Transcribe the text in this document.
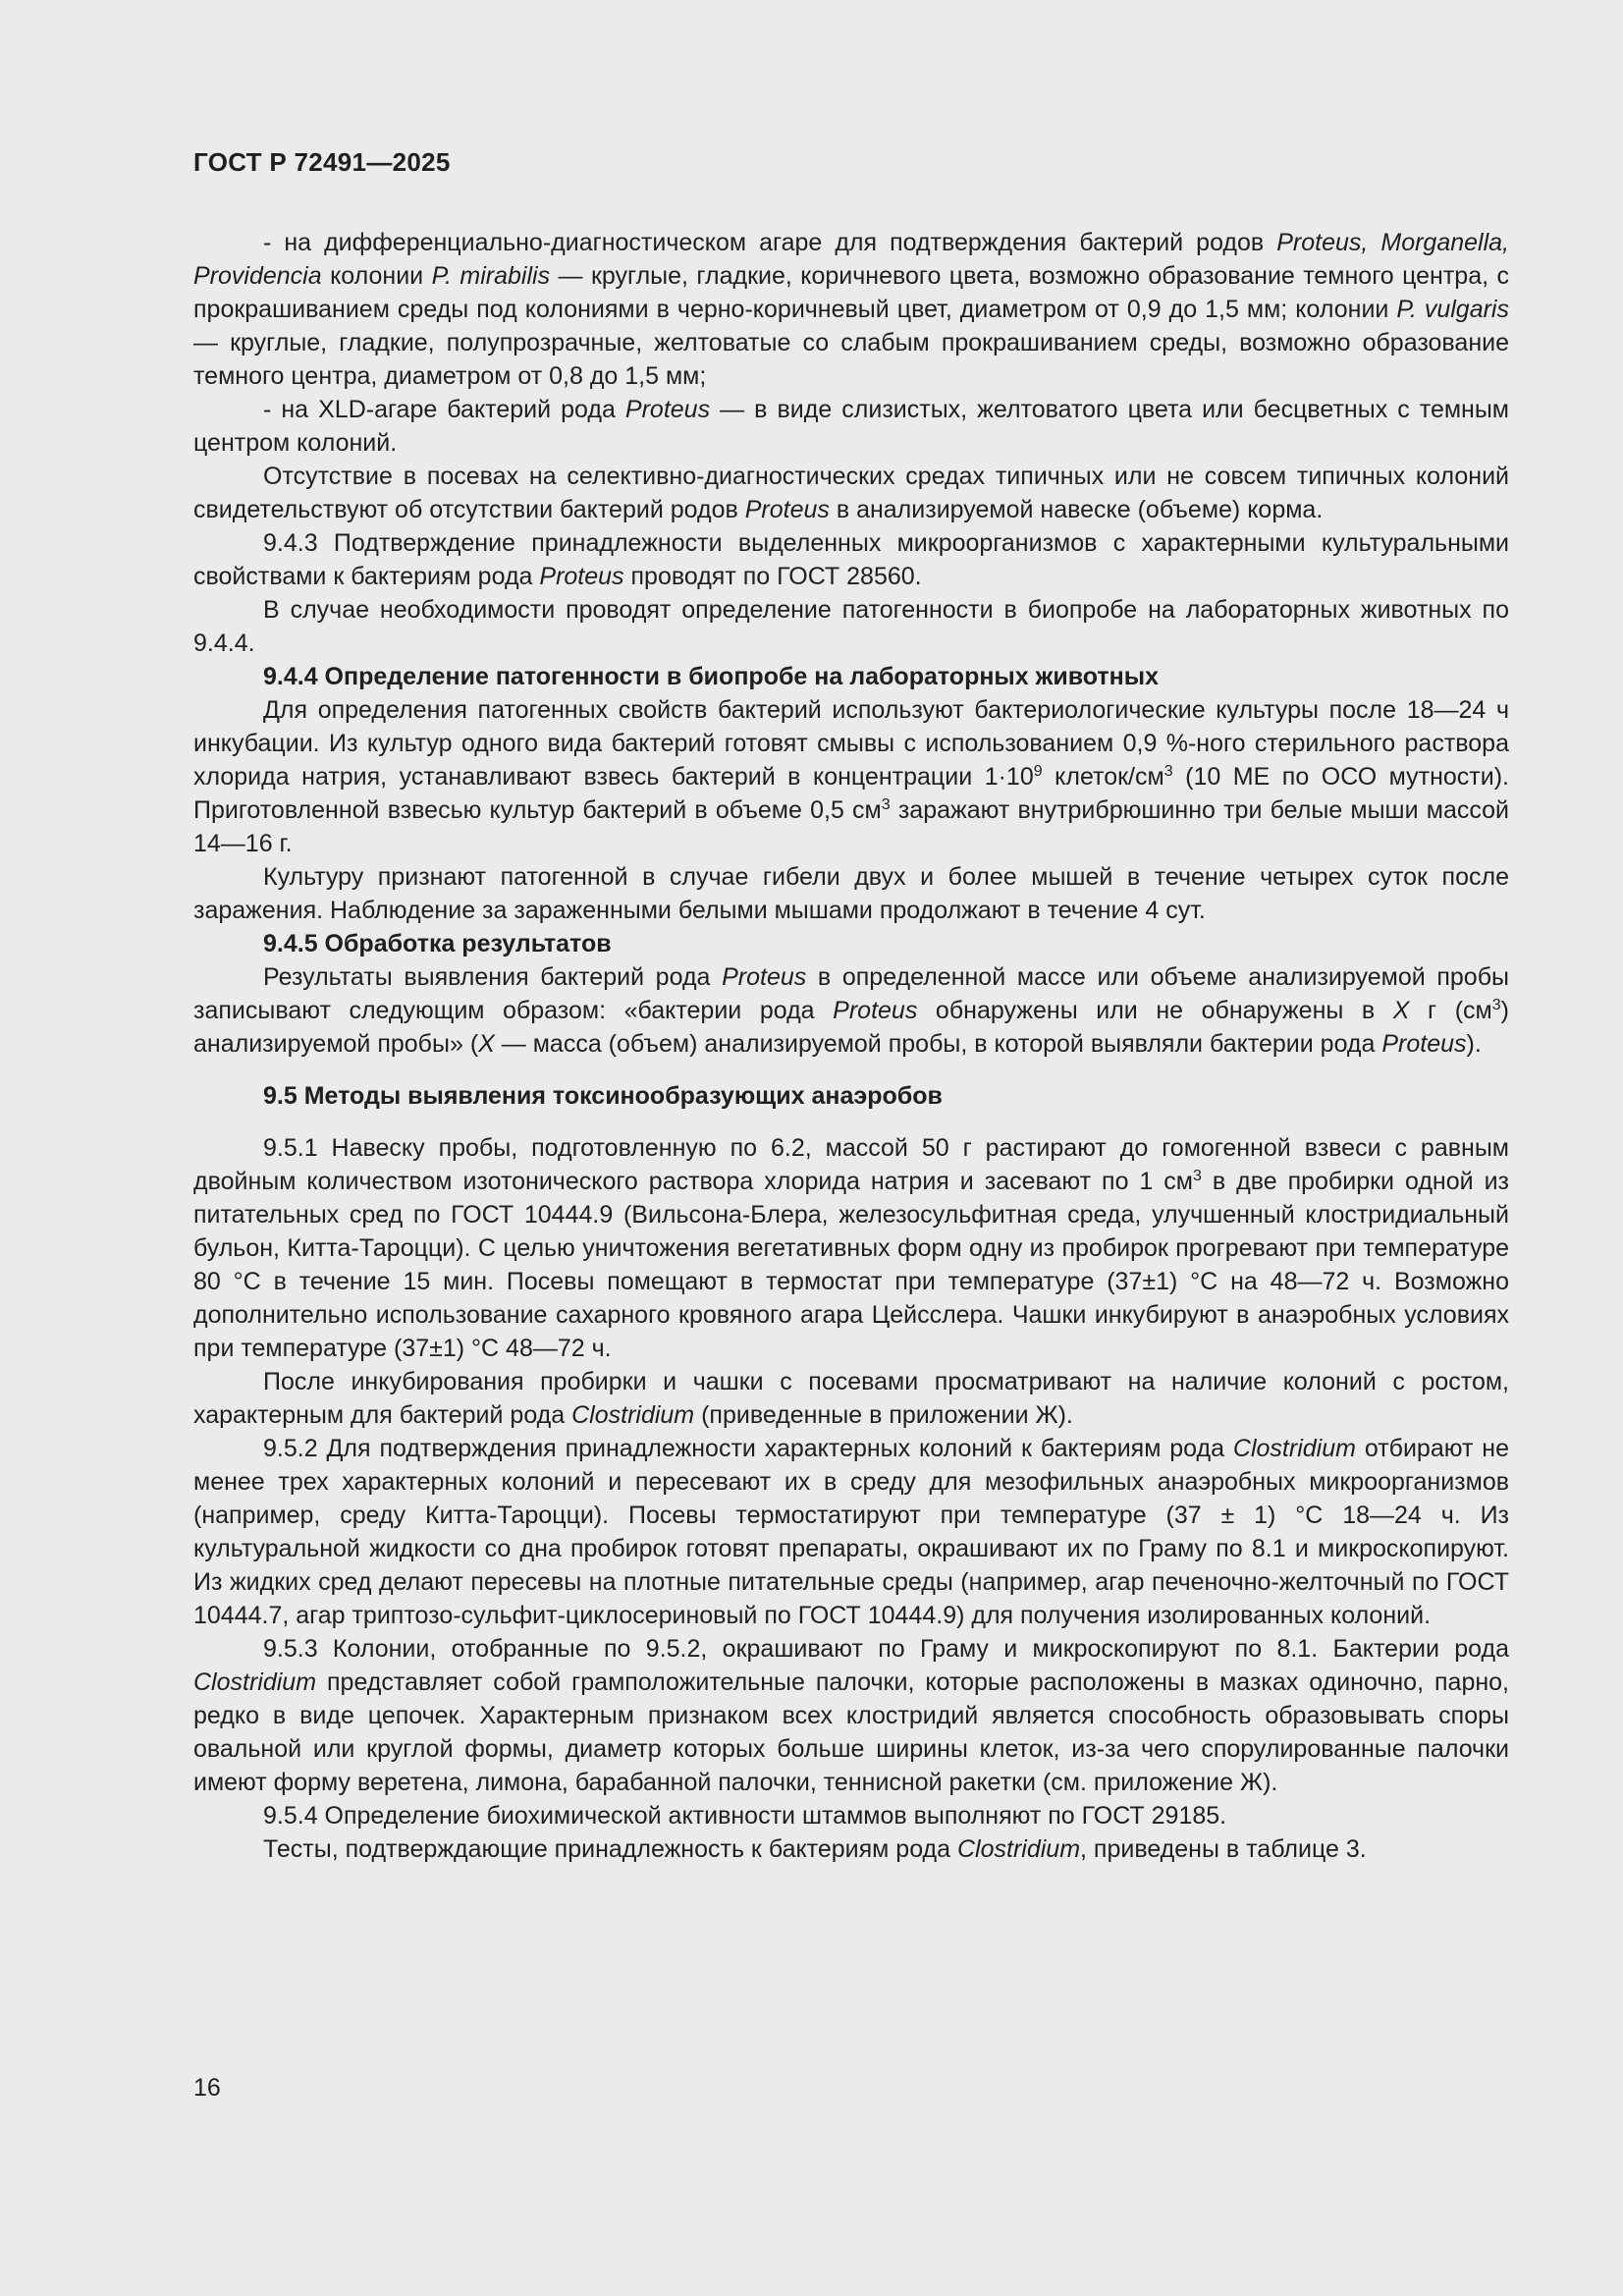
ГОСТ Р 72491—2025

- на дифференциально-диагностическом агаре для подтверждения бактерий родов Proteus, Morganella, Providencia колонии P. mirabilis — круглые, гладкие, коричневого цвета, возможно образование темного центра, с прокрашиванием среды под колониями в черно-коричневый цвет, диаметром от 0,9 до 1,5 мм; колонии P. vulgaris — круглые, гладкие, полупрозрачные, желтоватые со слабым прокрашиванием среды, возможно образование темного центра, диаметром от 0,8 до 1,5 мм;

- на XLD-агаре бактерий рода Proteus — в виде слизистых, желтоватого цвета или бесцветных с темным центром колоний.

Отсутствие в посевах на селективно-диагностических средах типичных или не совсем типичных колоний свидетельствуют об отсутствии бактерий родов Proteus в анализируемой навеске (объеме) корма.

9.4.3 Подтверждение принадлежности выделенных микроорганизмов с характерными культуральными свойствами к бактериям рода Proteus проводят по ГОСТ 28560.

В случае необходимости проводят определение патогенности в биопробе на лабораторных животных по 9.4.4.

9.4.4 Определение патогенности в биопробе на лабораторных животных

Для определения патогенных свойств бактерий используют бактериологические культуры после 18—24 ч инкубации. Из культур одного вида бактерий готовят смывы с использованием 0,9 %-ного стерильного раствора хлорида натрия, устанавливают взвесь бактерий в концентрации $1\cdot 10^9$ клеток/$см^3$ (10 МЕ по ОСО мутности). Приготовленной взвесью культур бактерий в объеме 0,5 $см^3$ заражают внутрибрюшинно три белые мыши массой 14—16 г.

Культуру признают патогенной в случае гибели двух и более мышей в течение четырех суток после заражения. Наблюдение за зараженными белыми мышами продолжают в течение 4 сут.

9.4.5 Обработка результатов

Результаты выявления бактерий рода Proteus в определенной массе или объеме анализируемой пробы записывают следующим образом: «бактерии рода Proteus обнаружены или не обнаружены в X г $(см^3)$ анализируемой пробы» (X — масса (объем) анализируемой пробы, в которой выявляли бактерии рода Proteus).

9.5 Методы выявления токсинообразующих анаэробов

9.5.1 Навеску пробы, подготовленную по 6.2, массой 50 г растирают до гомогенной взвеси с равным двойным количеством изотонического раствора хлорида натрия и засевают по 1 $см^3$ в две пробирки одной из питательных сред по ГОСТ 10444.9 (Вильсона-Блера, железосульфитная среда, улучшенный клостридиальный бульон, Китта-Тароцци). С целью уничтожения вегетативных форм одну из пробирок прогревают при температуре 80 °С в течение 15 мин. Посевы помещают в термостат при температуре (37±1) °С на 48—72 ч. Возможно дополнительно использование сахарного кровяного агара Цейсслера. Чашки инкубируют в анаэробных условиях при температуре (37±1) °С 48—72 ч.

После инкубирования пробирки и чашки с посевами просматривают на наличие колоний с ростом, характерным для бактерий рода Clostridium (приведенные в приложении Ж).

9.5.2 Для подтверждения принадлежности характерных колоний к бактериям рода Clostridium отбирают не менее трех характерных колоний и пересевают их в среду для мезофильных анаэробных микроорганизмов (например, среду Китта-Тароцци). Посевы термостатируют при температуре (37 ± 1) °С 18—24 ч. Из культуральной жидкости со дна пробирок готовят препараты, окрашивают их по Граму по 8.1 и микроскопируют. Из жидких сред делают пересевы на плотные питательные среды (например, агар печеночно-желточный по ГОСТ 10444.7, агар триптозо-сульфит-циклосериновый по ГОСТ 10444.9) для получения изолированных колоний.

9.5.3 Колонии, отобранные по 9.5.2, окрашивают по Граму и микроскопируют по 8.1. Бактерии рода Clostridium представляет собой грамположительные палочки, которые расположены в мазках одиночно, парно, редко в виде цепочек. Характерным признаком всех клостридий является способность образовывать споры овальной или круглой формы, диаметр которых больше ширины клеток, из-за чего спорулированные палочки имеют форму веретена, лимона, барабанной палочки, теннисной ракетки (см. приложение Ж).

9.5.4 Определение биохимической активности штаммов выполняют по ГОСТ 29185.

Тесты, подтверждающие принадлежность к бактериям рода Clostridium, приведены в таблице 3.

16
